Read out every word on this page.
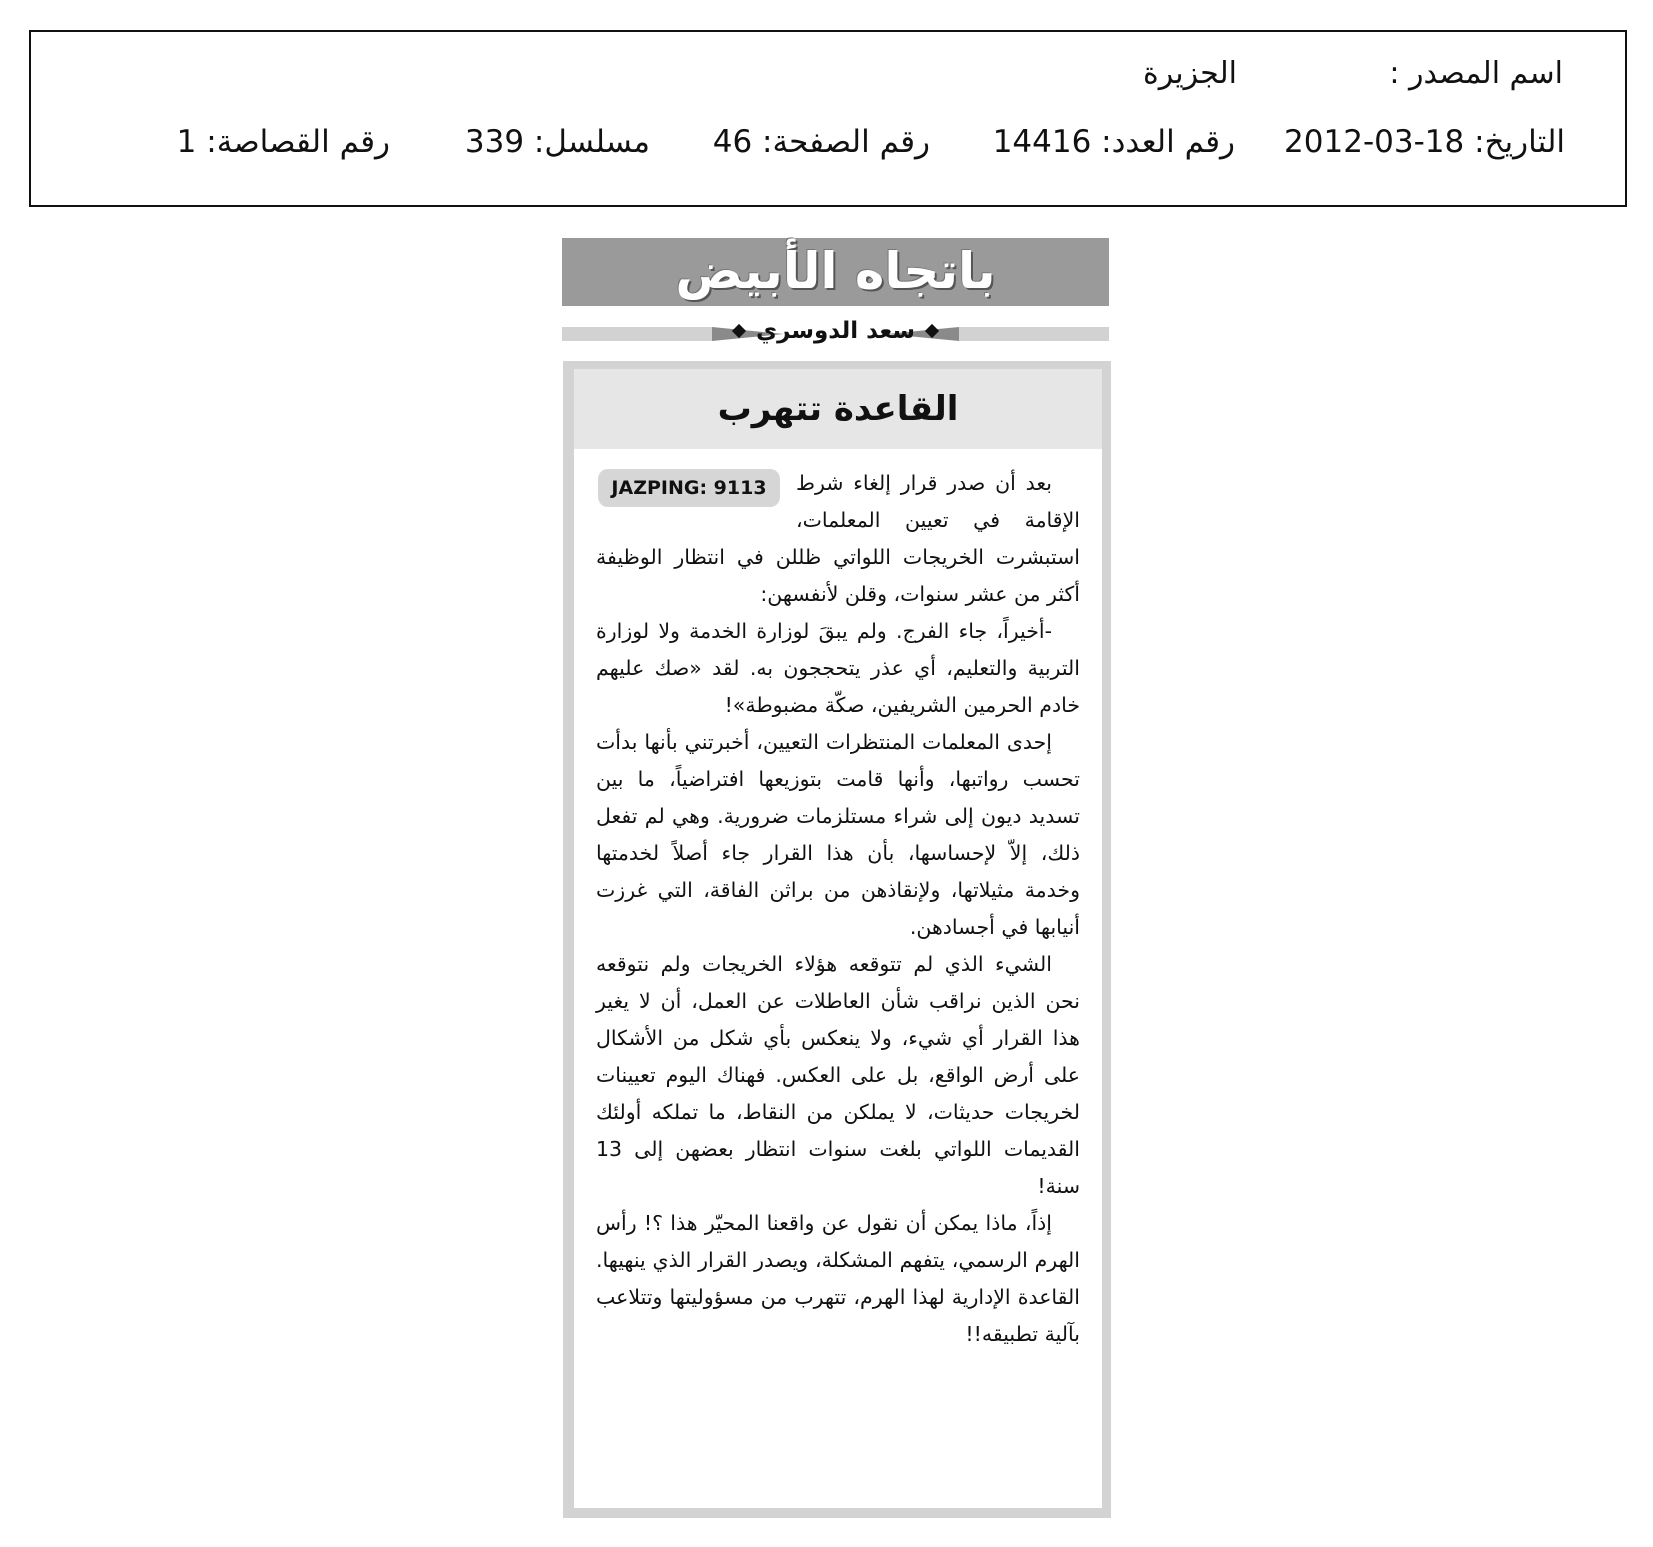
اسم المصدر :
الجزيرة
التاريخ: 18-03-2012
رقم العدد: 14416
رقم الصفحة: 46
مسلسل: 339
رقم القصاصة: 1
باتجاه الأبيض
سعد الدوسري
القاعدة تتهرب
JAZPING: 9113	بعد أن صدر قرار إلغاء شرط الإقامة في تعيين المعلمات، استبشرت الخريجات اللواتي ظللن في انتظار الوظيفة أكثر من عشر سنوات، وقلن لأنفسهن:

-أخيراً، جاء الفرج. ولم يبقَ لوزارة الخدمة ولا لوزارة التربية والتعليم، أي عذر يتحججون به. لقد «صك عليهم خادم الحرمين الشريفين، صكّة مضبوطة»!

إحدى المعلمات المنتظرات التعيين، أخبرتني بأنها بدأت تحسب رواتبها، وأنها قامت بتوزيعها افتراضياً، ما بين تسديد ديون إلى شراء مستلزمات ضرورية. وهي لم تفعل ذلك، إلاّ لإحساسها، بأن هذا القرار جاء أصلاً لخدمتها وخدمة مثيلاتها، ولإنقاذهن من براثن الفاقة، التي غرزت أنيابها في أجسادهن.

الشيء الذي لم تتوقعه هؤلاء الخريجات ولم نتوقعه نحن الذين نراقب شأن العاطلات عن العمل، أن لا يغير هذا القرار أي شيء، ولا ينعكس بأي شكل من الأشكال على أرض الواقع، بل على العكس. فهناك اليوم تعيينات لخريجات حديثات، لا يملكن من النقاط، ما تملكه أولئك القديمات اللواتي بلغت سنوات انتظار بعضهن إلى 13 سنة!

إذاً، ماذا يمكن أن نقول عن واقعنا المحيّر هذا ؟! رأس الهرم الرسمي، يتفهم المشكلة، ويصدر القرار الذي ينهيها. القاعدة الإدارية لهذا الهرم، تتهرب من مسؤوليتها وتتلاعب بآلية تطبيقه!!
